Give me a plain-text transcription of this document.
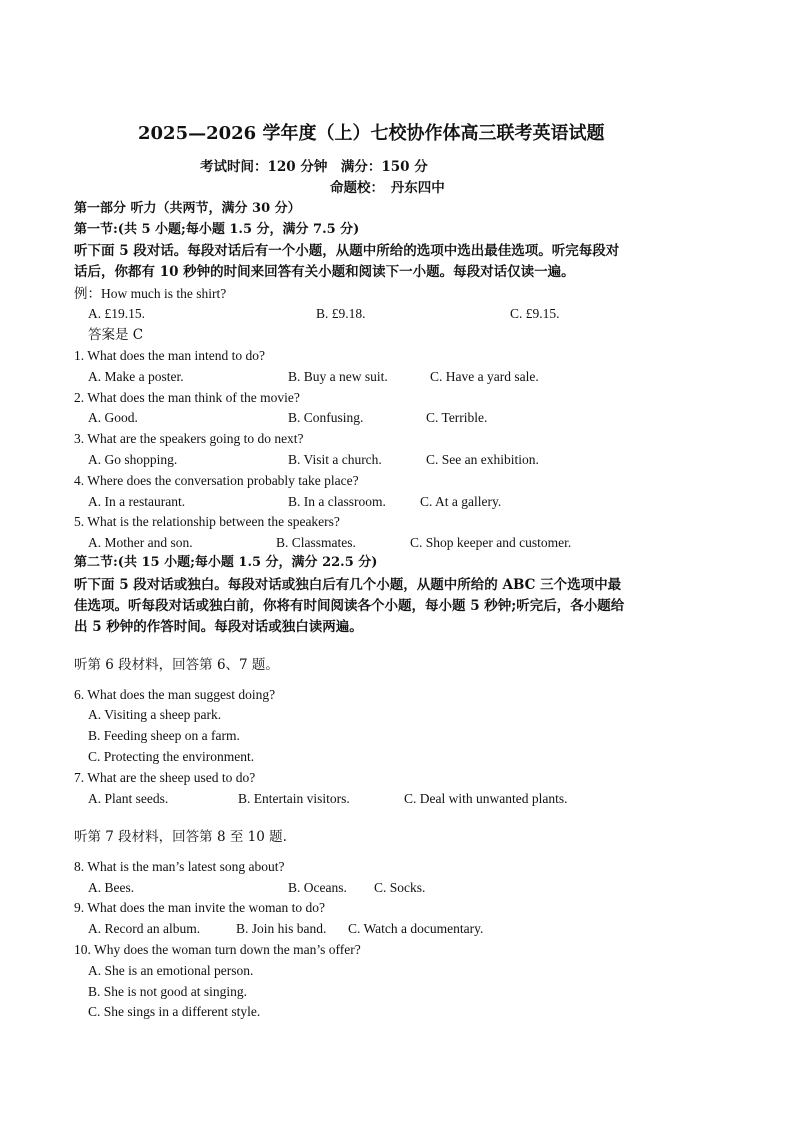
2025—2026 学年度（上）七校协作体高三联考英语试题
考试时间：120 分钟　满分：150 分
命题校：　丹东四中
第一部分 听力（共两节，满分 30 分）
第一节:(共 5 小题;每小题 1.5 分，满分 7.5 分)
听下面 5 段对话。每段对话后有一个小题，从题中所给的选项中选出最佳选项。听完每段对
话后，你都有 10 秒钟的时间来回答有关小题和阅读下一小题。每段对话仅读一遍。
例：How much is the shirt?
A. £19.15.	B. £9.18.	C. £9.15.
答案是 C
1. What does the man intend to do?
A. Make a poster.	B. Buy a new suit.	C. Have a yard sale.
2. What does the man think of the movie?
A. Good.	B. Confusing.	C. Terrible.
3. What are the speakers going to do next?
A. Go shopping.	B. Visit a church.	C. See an exhibition.
4. Where does the conversation probably take place?
A. In a restaurant.	B. In a classroom.	C. At a gallery.
5. What is the relationship between the speakers?
A. Mother and son.	B. Classmates.	C. Shop keeper and customer.
第二节:(共 15 小题;每小题 1.5 分，满分 22.5 分)
听下面 5 段对话或独白。每段对话或独白后有几个小题，从题中所给的 ABC 三个选项中最
佳选项。听每段对话或独白前，你将有时间阅读各个小题，每小题 5 秒钟;听完后，各小题给
出 5 秒钟的作答时间。每段对话或独白读两遍。
听第 6 段材料，回答第 6、7 题。
6. What does the man suggest doing?
A. Visiting a sheep park.
B. Feeding sheep on a farm.
C. Protecting the environment.
7. What are the sheep used to do?
A. Plant seeds.	B. Entertain visitors.	C. Deal with unwanted plants.
听第 7 段材料，回答第 8 至 10 题.
8. What is the man’s latest song about?
A. Bees.	B. Oceans. C. Socks.
9. What does the man invite the woman to do?
A. Record an album.	B. Join his band. C. Watch a documentary.
10. Why does the woman turn down the man’s offer?
A. She is an emotional person.
B. She is not good at singing.
C. She sings in a different style.
